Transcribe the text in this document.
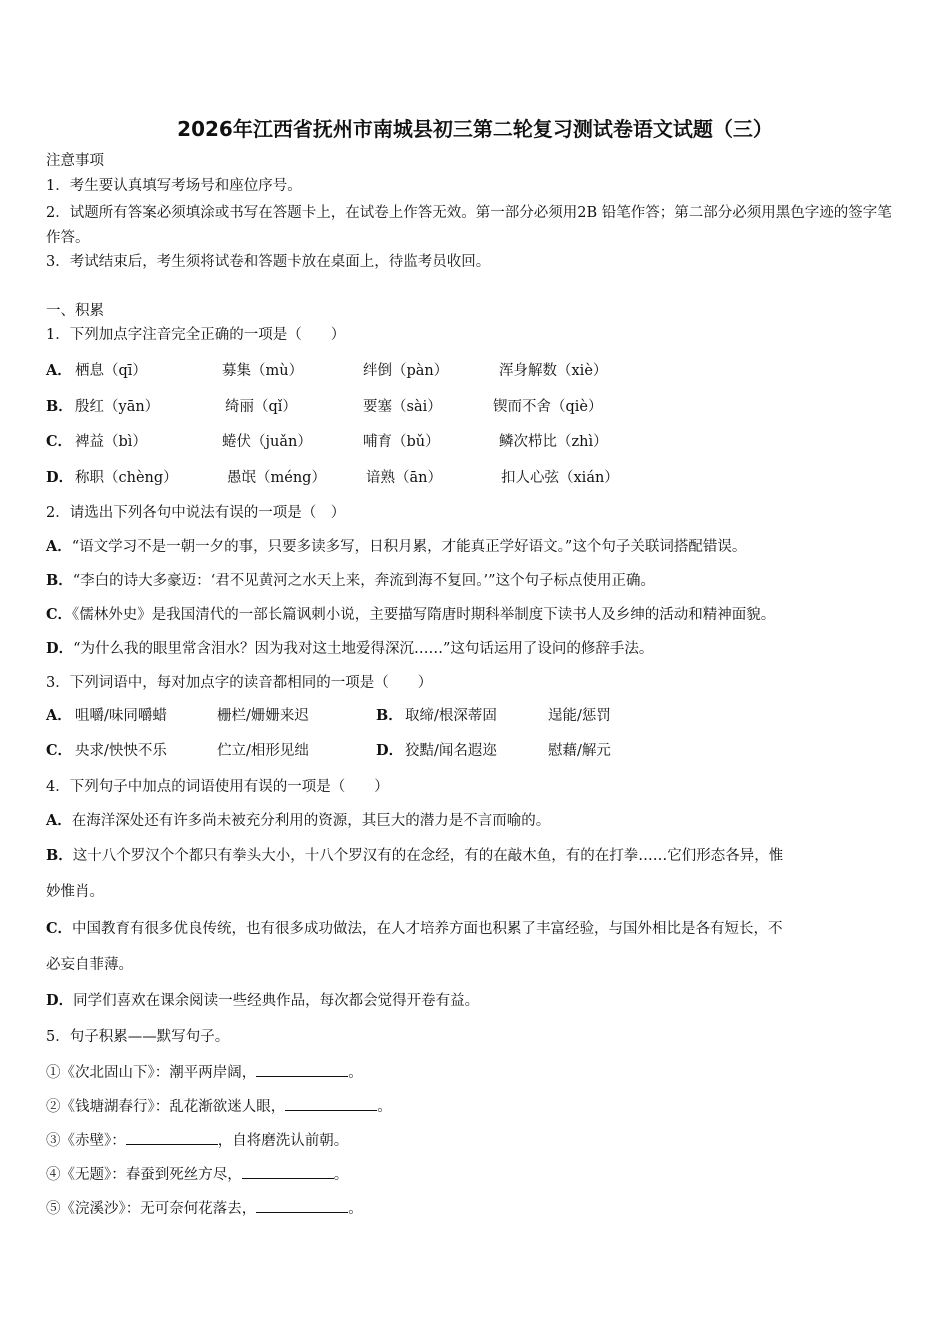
2026年江西省抚州市南城县初三第二轮复习测试卷语文试题（三）
注意事项
1．考生要认真填写考场号和座位序号。
2．试题所有答案必须填涂或书写在答题卡上，在试卷上作答无效。第一部分必须用2B 铅笔作答；第二部分必须用黑色字迹的签字笔作答。
3．考试结束后，考生须将试卷和答题卡放在桌面上，待监考员收回。
一、积累
1．下列加点字注音完全正确的一项是（　　）
A． 栖息（qī）	募集（mù）	绊倒（pàn）	浑身解数（xiè）
B． 殷红（yān）	绮丽（qǐ）	要塞（sài）	锲而不舍（qiè）
C． 裨益（bì）	蜷伏（juǎn）	哺育（bǔ）	鳞次栉比（zhì）
D． 称职（chèng）	愚氓（méng）	谙熟（ān）	扣人心弦（xián）
2．请选出下列各句中说法有误的一项是（　）
A．“语文学习不是一朝一夕的事，只要多读多写，日积月累，才能真正学好语文。”这个句子关联词搭配错误。
B．“李白的诗大多豪迈：‘君不见黄河之水天上来，奔流到海不复回。’”这个句子标点使用正确。
C．《儒林外史》是我国清代的一部长篇讽刺小说，主要描写隋唐时期科举制度下读书人及乡绅的活动和精神面貌。
D．“为什么我的眼里常含泪水？因为我对这土地爱得深沉……”这句话运用了设问的修辞手法。
3．下列词语中，每对加点字的读音都相同的一项是（　　）
A． 咀嚼/味同嚼蜡	栅栏/姗姗来迟	B． 取缔/根深蒂固	逞能/惩罚
C． 央求/怏怏不乐	伫立/相形见绌	D． 狡黠/闻名遐迩	慰藉/解元
4．下列句子中加点的词语使用有误的一项是（　　）
A．在海洋深处还有许多尚未被充分利用的资源，其巨大的潜力是不言而喻的。
B．这十八个罗汉个个都只有拳头大小，十八个罗汉有的在念经，有的在敲木鱼，有的在打拳……它们形态各异，惟
妙惟肖。
C．中国教育有很多优良传统，也有很多成功做法，在人才培养方面也积累了丰富经验，与国外相比是各有短长，不
必妄自菲薄。
D．同学们喜欢在课余阅读一些经典作品，每次都会觉得开卷有益。
5．句子积累——默写句子。
①《次北固山下》：潮平两岸阔，	。
②《钱塘湖春行》：乱花渐欲迷人眼，	。
③《赤壁》：	，自将磨洗认前朝。
④《无题》：春蚕到死丝方尽，	。
⑤《浣溪沙》：无可奈何花落去，	。
